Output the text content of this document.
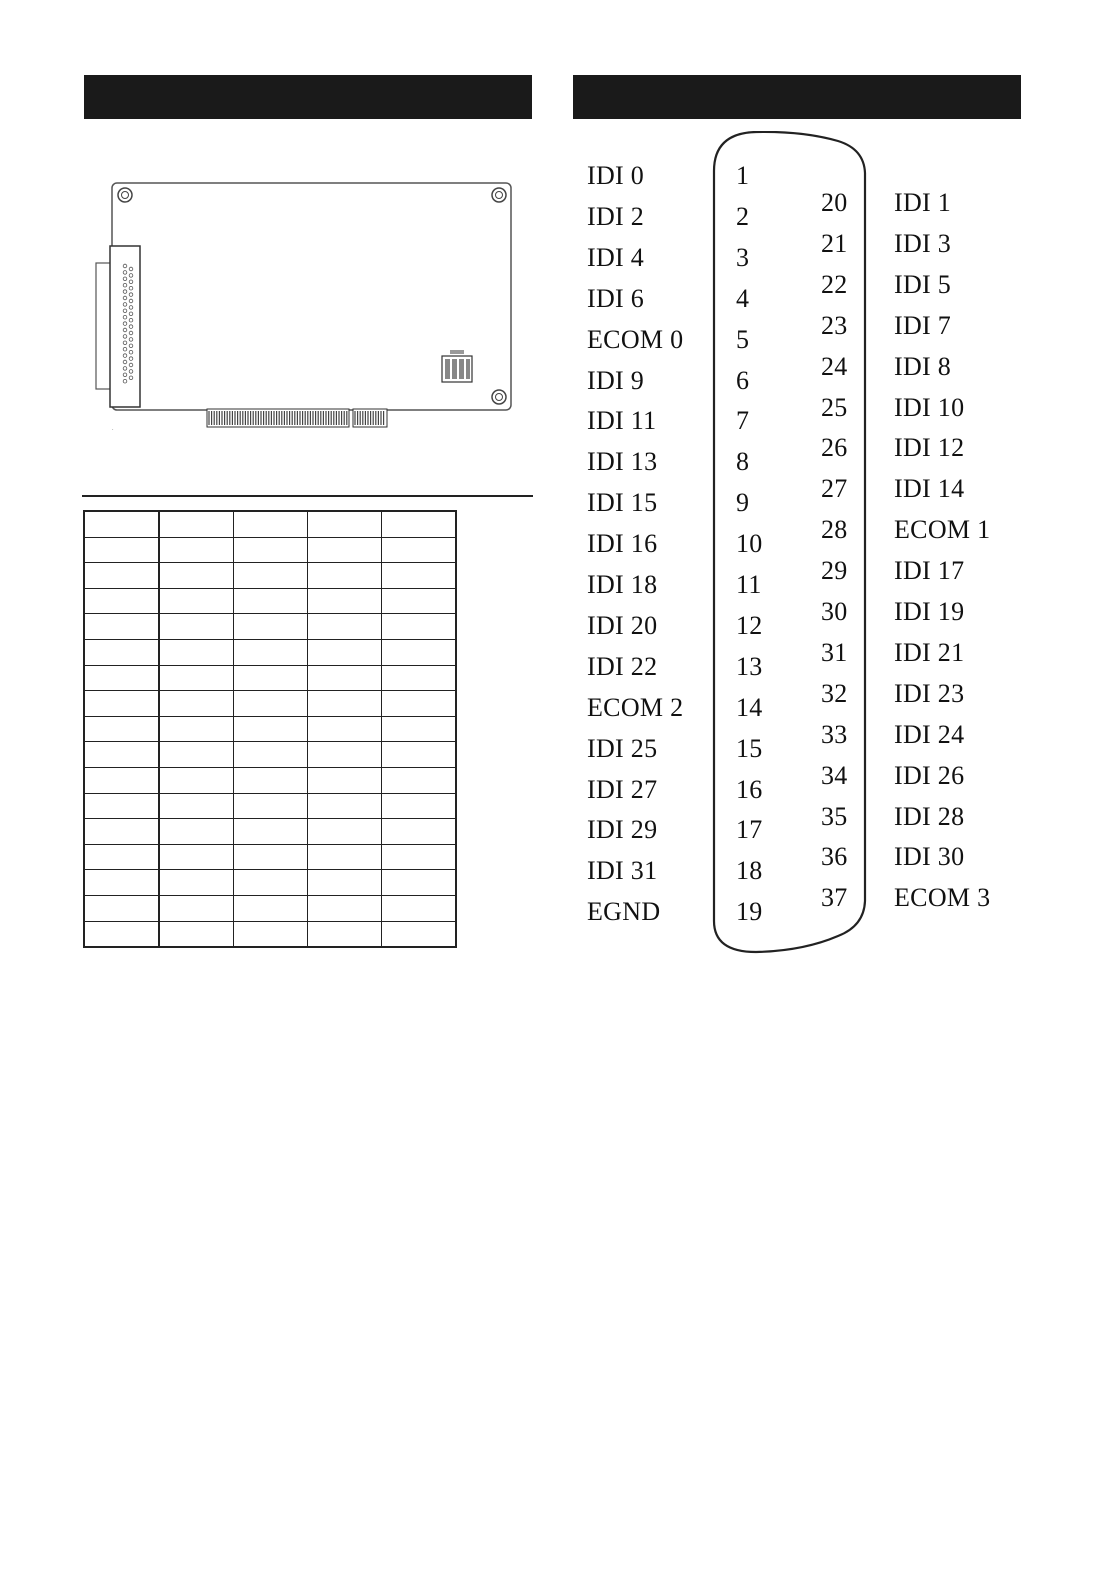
.

IDI 0	1
IDI 2	2
IDI 4	3
IDI 6	4
ECOM 0 5
IDI 9	6
IDI 11	7
IDI 13	8
IDI 15	9
IDI 16	10
IDI 18	11
IDI 20	12
IDI 22	13
ECOM 2 14
IDI 25	15
IDI 27	16
IDI 29	17
IDI 31	18
EGND	19
20 IDI 1
21 IDI 3
22 IDI 5
23 IDI 7
24 IDI 8
25 IDI 10
26 IDI 12
27 IDI 14
28 ECOM 1
29 IDI 17
30 IDI 19
31 IDI 21
32 IDI 23
33 IDI 24
34 IDI 26
35 IDI 28
36 IDI 30
37 ECOM 3
